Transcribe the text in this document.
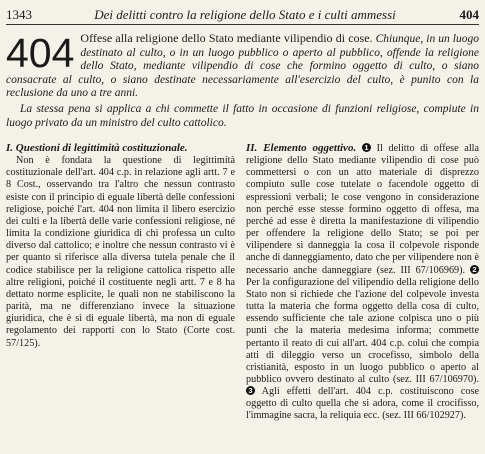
1343	Dei delitti contro la religione dello Stato e i culti ammessi	404
404 Offese alla religione dello Stato mediante vilipendio di cose. Chiunque, in un luogo destinato al culto, o in un luogo pubblico o aperto al pubblico, offende la religione dello Stato, mediante vilipendio di cose che formino oggetto di culto, o siano consacrate al culto, o siano destinate necessariamente all'esercizio del culto, è punito con la reclusione da uno a tre anni.
La stessa pena si applica a chi commette il fatto in occasione di funzioni religiose, compiute in luogo privato da un ministro del culto cattolico.

I. Questioni di legittimità costituzionale.

Non è fondata la questione di legittimità costituzionale dell'art. 404 c.p. in relazione agli artt. 7 e 8 Cost., osservando tra l'altro che nessun contrasto esiste con il principio di eguale libertà delle confessioni religiose, poiché l'art. 404 non limita il libero esercizio dei culti e la libertà delle varie confessioni religiose, né limita la condizione giuridica di chi professa un culto diverso dal cattolico; e inoltre che nessun contrasto vi è per quanto si riferisce alla diversa tutela penale che il codice stabilisce per la religione cattolica rispetto alle altre religioni, poiché il costituente negli artt. 7 e 8 ha dettato norme esplicite, le quali non ne stabiliscono la parità, ma ne differenziano invece la situazione giuridica, che è sì di eguale libertà, ma non di eguale regolamento dei rapporti con lo Stato (Corte cost. 57/125).

II. Elemento oggettivo. 1 Il delitto di offese alla religione dello Stato mediante vilipendio di cose può commettersi o con un atto materiale di disprezzo compiuto sulle cose tutelate o facendole oggetto di espressioni verbali; le cose vengono in considerazione non perché esse stesse formino oggetto di offesa, ma perché ad esse è diretta la manifestazione di vilipendio per offendere la religione dello Stato; se poi per vilipendere si danneggia la cosa il colpevole risponde anche di danneggiamento, dato che per vilipendere non è necessario anche danneggiare (sez. III 67/106969). 2 Per la configurazione del vilipendio della religione dello Stato non si richiede che l'azione del colpevole investa tutta la materia che forma oggetto della cosa di culto, essendo sufficiente che tale azione colpisca uno o più punti che la materia medesima informa; commette pertanto il reato di cui all'art. 404 c.p. colui che compia atti di dileggio verso un crocefisso, simbolo della cristianità, esposto in un luogo pubblico o aperto al pubblico ovvero destinato al culto (sez. III 67/106970). 3 Agli effetti dell'art. 404 c.p. costituiscono cose oggetto di culto quella che si adora, come il crocifisso, l'immagine sacra, la reliquia ecc. (sez. III 66/102927).
